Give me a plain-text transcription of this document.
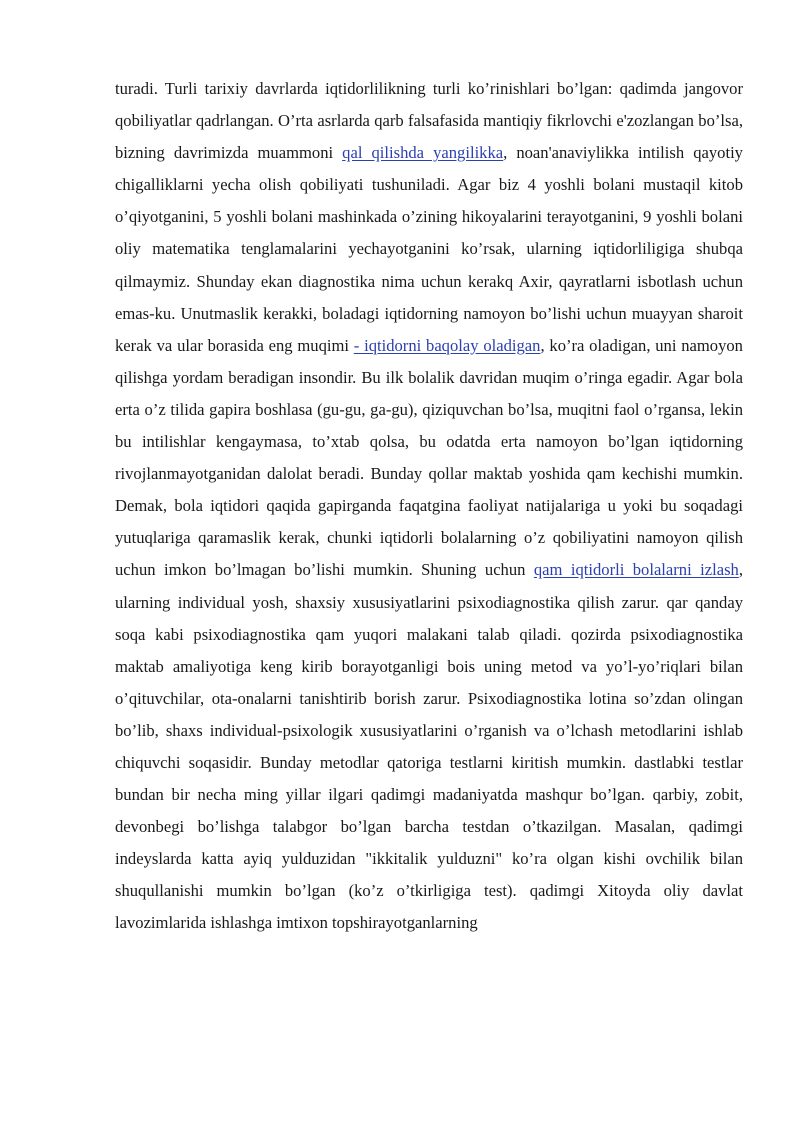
turadi. Turli tarixiy davrlarda iqtidorlilikning turli ko’rinishlari bo’lgan: qadimda jangovor qobiliyatlar qadrlangan. O’rta asrlarda qarb falsafasida mantiqiy fikrlovchi e'zozlangan bo’lsa, bizning davrimizda muammoni qal qilishda yangilikka, noan'anaviylikka intilish qayotiy chigalliklarni yecha olish qobiliyati tushuniladi. Agar biz 4 yoshli bolani mustaqil kitob o’qiyotganini, 5 yoshli bolani mashinkada o’zining hikoyalarini terayotganini, 9 yoshli bolani oliy matematika tenglamalarini yechayotganini ko’rsak, ularning iqtidorliligiga shubqa qilmaymiz. Shunday ekan diagnostika nima uchun kerakq Axir, qayratlarni isbotlash uchun emas-ku. Unutmaslik kerakki, boladagi iqtidorning namoyon bo’lishi uchun muayyan sharoit kerak va ular borasida eng muqimi - iqtidorni baqolay oladigan, ko’ra oladigan, uni namoyon qilishga yordam beradigan insondir. Bu ilk bolalik davridan muqim o’ringa egadir. Agar bola erta o’z tilida gapira boshlasa (gu-gu, ga-gu), qiziquvchan bo’lsa, muqitni faol o’rgansa, lekin bu intilishlar kengaymasa, to’xtab qolsa, bu odatda erta namoyon bo’lgan iqtidorning rivojlanmayotganidan dalolat beradi. Bunday qollar maktab yoshida qam kechishi mumkin. Demak, bola iqtidori qaqida gapirganda faqatgina faoliyat natijalariga u yoki bu soqadagi yutuqlariga qaramaslik kerak, chunki iqtidorli bolalarning o’z qobiliyatini namoyon qilish uchun imkon bo’lmagan bo’lishi mumkin. Shuning uchun qam iqtidorli bolalarni izlash, ularning individual yosh, shaxsiy xususiyatlarini psixodiagnostika qilish zarur. qar qanday soqa kabi psixodiagnostika qam yuqori malakani talab qiladi. qozirda psixodiagnostika maktab amaliyotiga keng kirib borayotganligi bois uning metod va yo’l-yo’riqlari bilan o’qituvchilar, ota-onalarni tanishtirib borish zarur. Psixodiagnostika lotina so’zdan olingan bo’lib, shaxs individual-psixologik xususiyatlarini o’rganish va o’lchash metodlarini ishlab chiquvchi soqasidir. Bunday metodlar qatoriga testlarni kiritish mumkin. dastlabki testlar bundan bir necha ming yillar ilgari qadimgi madaniyatda mashqur bo’lgan. qarbiy, zobit, devonbegi bo’lishga talabgor bo’lgan barcha testdan o’tkazilgan. Masalan, qadimgi indeyslarda katta ayiq yulduzidan "ikkitalik yulduzni" ko’ra olgan kishi ovchilik bilan shuqullanishi mumkin bo’lgan (ko’z o’tkirligiga test). qadimgi Xitoyda oliy davlat lavozimlarida ishlashga imtixon topshirayotganlarning
